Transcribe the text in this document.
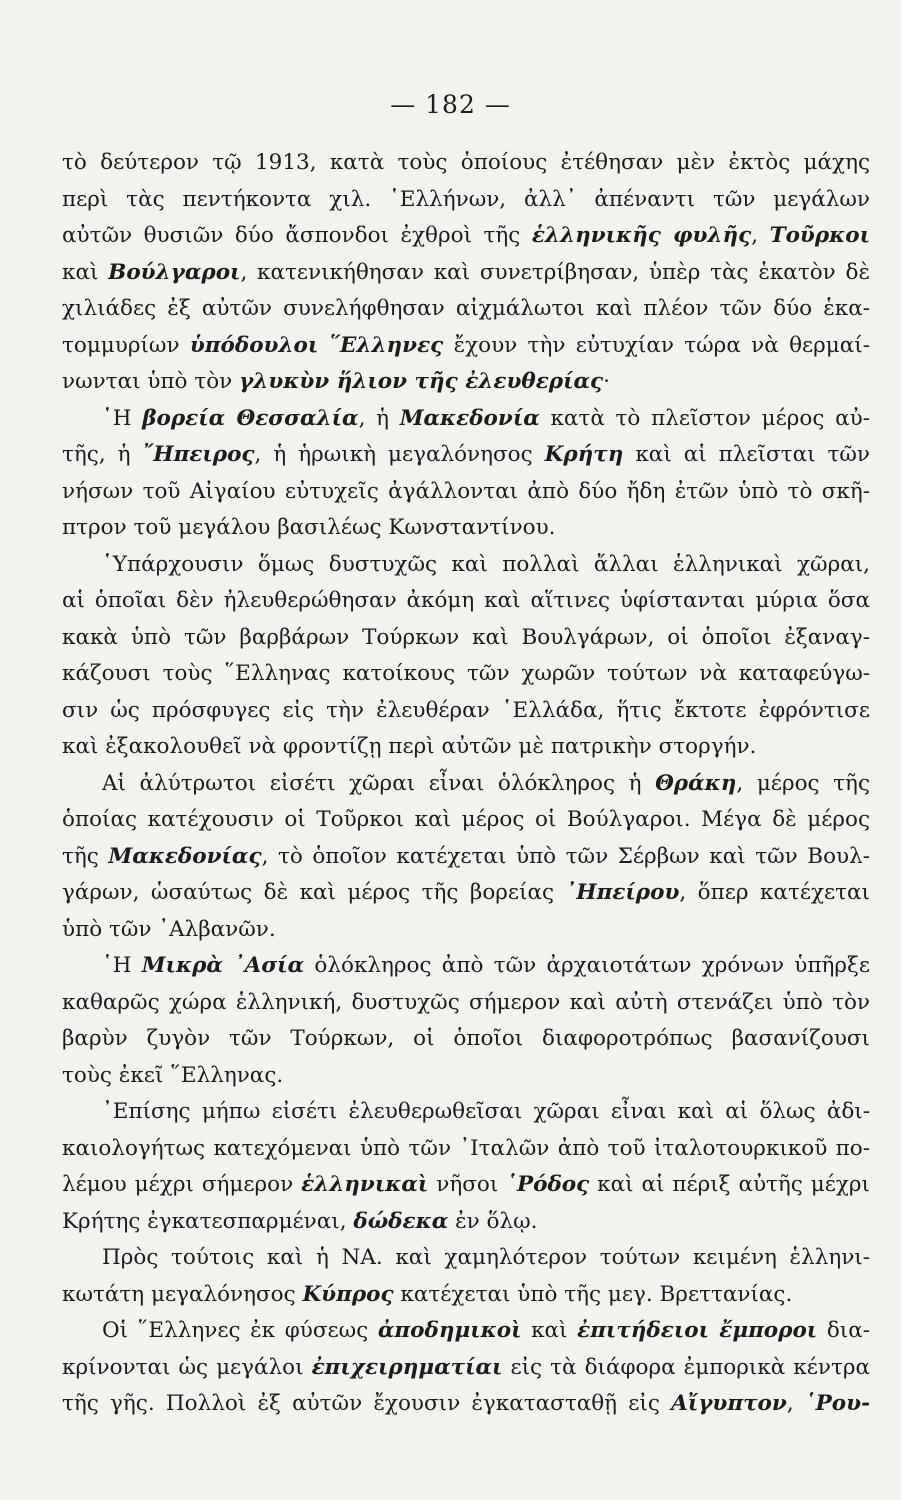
— 182 —
τὸ δεύτερον τῷ 1913, κατὰ τοὺς ὁποίους ἐτέθησαν μὲν ἐκτὸς μάχης
περὶ τὰς πεντήκοντα χιλ. ῾Ελλήνων, ἀλλ᾽ ἀπέναντι τῶν μεγάλων
αὐτῶν θυσιῶν δύο ἄσπονδοι ἐχθροὶ τῆς ἑλληνικῆς φυλῆς, Τοῦρκοι
καὶ Βούλγαροι, κατενικήθησαν καὶ συνετρίβησαν, ὑπὲρ τὰς ἑκατὸν δὲ
χιλιάδες ἐξ αὐτῶν συνελήφθησαν αἰχμάλωτοι καὶ πλέον τῶν δύο ἑκα-
τομμυρίων ὑπόδουλοι ῞Ελληνες ἔχουν τὴν εὐτυχίαν τώρα νὰ θερμαί-
νωνται ὑπὸ τὸν γλυκὺν ἥλιον τῆς ἐλευθερίας·
῾Η βορεία Θεσσαλία, ἡ Μακεδονία κατὰ τὸ πλεῖστον μέρος αὐ-
τῆς, ἡ ῎Ηπειρος, ἡ ἡρωικὴ μεγαλόνησος Κρήτη καὶ αἱ πλεῖσται τῶν
νήσων τοῦ Αἰγαίου εὐτυχεῖς ἀγάλλονται ἀπὸ δύο ἤδη ἐτῶν ὑπὸ τὸ σκῆ-
πτρον τοῦ μεγάλου βασιλέως Κωνσταντίνου.
῾Υπάρχουσιν ὅμως δυστυχῶς καὶ πολλαὶ ἄλλαι ἑλληνικαὶ χῶραι,
αἱ ὁποῖαι δὲν ἠλευθερώθησαν ἀκόμη καὶ αἵτινες ὑφίστανται μύρια ὅσα
κακὰ ὑπὸ τῶν βαρβάρων Τούρκων καὶ Βουλγάρων, οἱ ὁποῖοι ἐξαναγ-
κάζουσι τοὺς ῞Ελληνας κατοίκους τῶν χωρῶν τούτων νὰ καταφεύγω-
σιν ὡς πρόσφυγες εἰς τὴν ἐλευθέραν ῾Ελλάδα, ἥτις ἔκτοτε ἐφρόντισε
καὶ ἐξακολουθεῖ νὰ φροντίζῃ περὶ αὐτῶν μὲ πατρικὴν στοργήν.
Αἱ ἀλύτρωτοι εἰσέτι χῶραι εἶναι ὁλόκληρος ἡ Θράκη, μέρος τῆς
ὁποίας κατέχουσιν οἱ Τοῦρκοι καὶ μέρος οἱ Βούλγαροι. Μέγα δὲ μέρος
τῆς Μακεδονίας, τὸ ὁποῖον κατέχεται ὑπὸ τῶν Σέρβων καὶ τῶν Βουλ-
γάρων, ὡσαύτως δὲ καὶ μέρος τῆς βορείας ᾽Ηπείρου, ὅπερ κατέχεται
ὑπὸ τῶν ᾽Αλβανῶν.
῾Η Μικρὰ ᾽Ασία ὁλόκληρος ἀπὸ τῶν ἀρχαιοτάτων χρόνων ὑπῆρξε
καθαρῶς χώρα ἑλληνική, δυστυχῶς σήμερον καὶ αὐτὴ στενάζει ὑπὸ τὸν
βαρὺν ζυγὸν τῶν Τούρκων, οἱ ὁποῖοι διαφοροτρόπως βασανίζουσι
τοὺς ἐκεῖ ῞Ελληνας.
᾽Επίσης μήπω εἰσέτι ἐλευθερωθεῖσαι χῶραι εἶναι καὶ αἱ ὅλως ἀδι-
καιολογήτως κατεχόμεναι ὑπὸ τῶν ᾽Ιταλῶν ἀπὸ τοῦ ἰταλοτουρκικοῦ πο-
λέμου μέχρι σήμερον ἑλληνικαὶ νῆσοι ῾Ρόδος καὶ αἱ πέριξ αὐτῆς μέχρι
Κρήτης ἐγκατεσπαρμέναι, δώδεκα ἐν ὅλῳ.
Πρὸς τούτοις καὶ ἡ ΝΑ. καὶ χαμηλότερον τούτων κειμένη ἑλληνι-
κωτάτη μεγαλόνησος Κύπρος κατέχεται ὑπὸ τῆς μεγ. Βρεττανίας.
Οἱ ῞Ελληνες ἐκ φύσεως ἀποδημικοὶ καὶ ἐπιτήδειοι ἔμποροι δια-
κρίνονται ὡς μεγάλοι ἐπιχειρηματίαι εἰς τὰ διάφορα ἐμπορικὰ κέντρα
τῆς γῆς. Πολλοὶ ἐξ αὐτῶν ἔχουσιν ἐγκατασταθῇ εἰς Αἴγυπτον, ῾Ρου-
